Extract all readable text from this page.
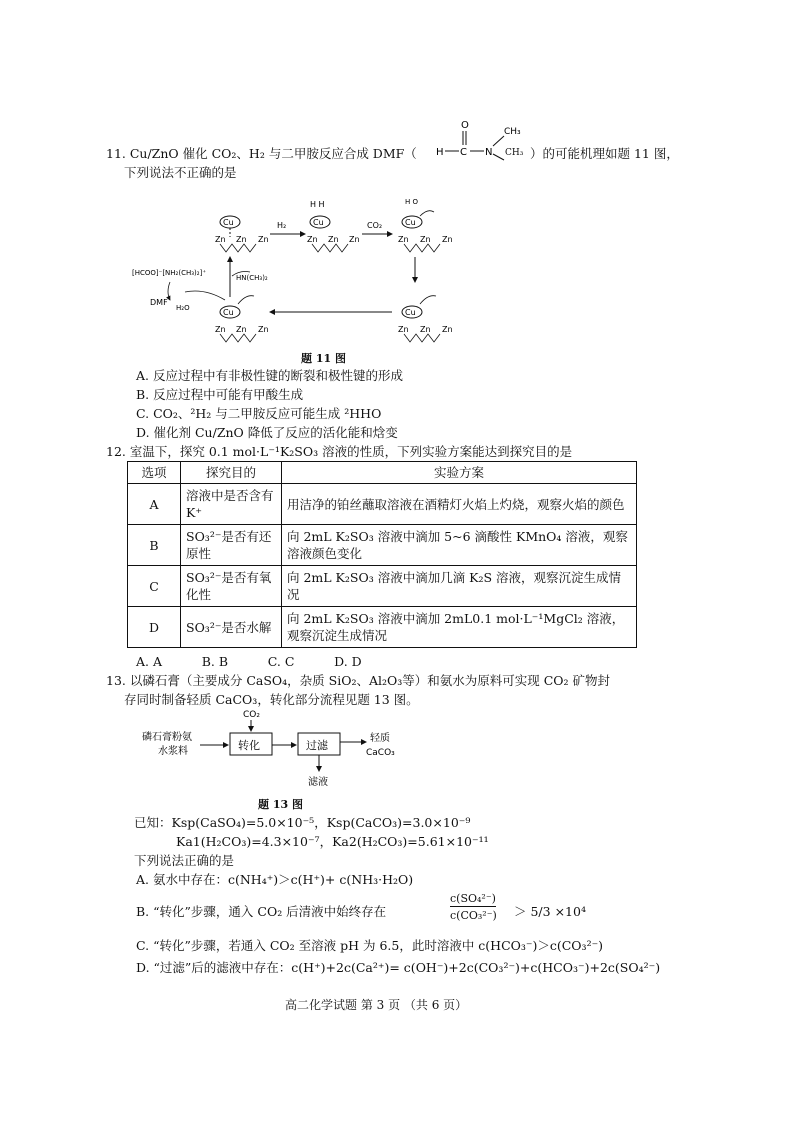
11. Cu/ZnO 催化 CO₂、H₂ 与二甲胺反应合成 DMF（
O
H C N
CH₃
CH₃ ）的可能机理如题 11 图，
下列说法不正确的是
Cu
Zn Zn Zn
H₂
H H
Cu
Zn Zn Zn
CO₂
H O
Cu
Zn Zn Zn
Cu
Zn Zn Zn
Cu
Zn Zn Zn
HN(CH₃)₂
[HCOO]⁻[NH₂(CH₃)₂]⁺
DMF
H₂O
题 11 图
A. 反应过程中有非极性键的断裂和极性键的形成
B. 反应过程中可能有甲酸生成
C. CO₂、²H₂ 与二甲胺反应可能生成 ²HHO
D. 催化剂 Cu/ZnO 降低了反应的活化能和焓变
12. 室温下，探究 0.1 mol·L⁻¹K₂SO₃ 溶液的性质，下列实验方案能达到探究目的是
选项	探究目的	实验方案
A	溶液中是否含有 K⁺	用洁净的铂丝蘸取溶液在酒精灯火焰上灼烧，观察火焰的颜色
B	SO₃²⁻是否有还原性	向 2mL K₂SO₃ 溶液中滴加 5~6 滴酸性 KMnO₄ 溶液，观察溶液颜色变化
C	SO₃²⁻是否有氧化性	向 2mL K₂SO₃ 溶液中滴加几滴 K₂S 溶液，观察沉淀生成情况
D	SO₃²⁻是否水解	向 2mL K₂SO₃ 溶液中滴加 2mL0.1 mol·L⁻¹MgCl₂ 溶液，观察沉淀生成情况
A. A          B. B          C. C          D. D
13. 以磷石膏（主要成分 CaSO₄，杂质 SiO₂、Al₂O₃等）和氨水为原料可实现 CO₂ 矿物封
存同时制备轻质 CaCO₃，转化部分流程见题 13 图。
磷石膏粉氨
水浆料	转化
CO₂
过滤
轻质
CaCO₃
滤液
题 13 图
已知：Ksp(CaSO₄)=5.0×10⁻⁵，Ksp(CaCO₃)=3.0×10⁻⁹
Ka1(H₂CO₃)=4.3×10⁻⁷，Ka2(H₂CO₃)=5.61×10⁻¹¹
下列说法正确的是
A. 氨水中存在：c(NH₄⁺)＞c(H⁺)+ c(NH₃·H₂O)
B. “转化”步骤，通入 CO₂ 后清液中始终存在
c(SO₄²⁻)
c(CO₃²⁻) ＞ 5/3 ×10⁴
C. “转化”步骤，若通入 CO₂ 至溶液 pH 为 6.5，此时溶液中 c(HCO₃⁻)＞c(CO₃²⁻)
D. “过滤”后的滤液中存在：c(H⁺)+2c(Ca²⁺)= c(OH⁻)+2c(CO₃²⁻)+c(HCO₃⁻)+2c(SO₄²⁻)
高二化学试题 第 3 页 （共 6 页）
